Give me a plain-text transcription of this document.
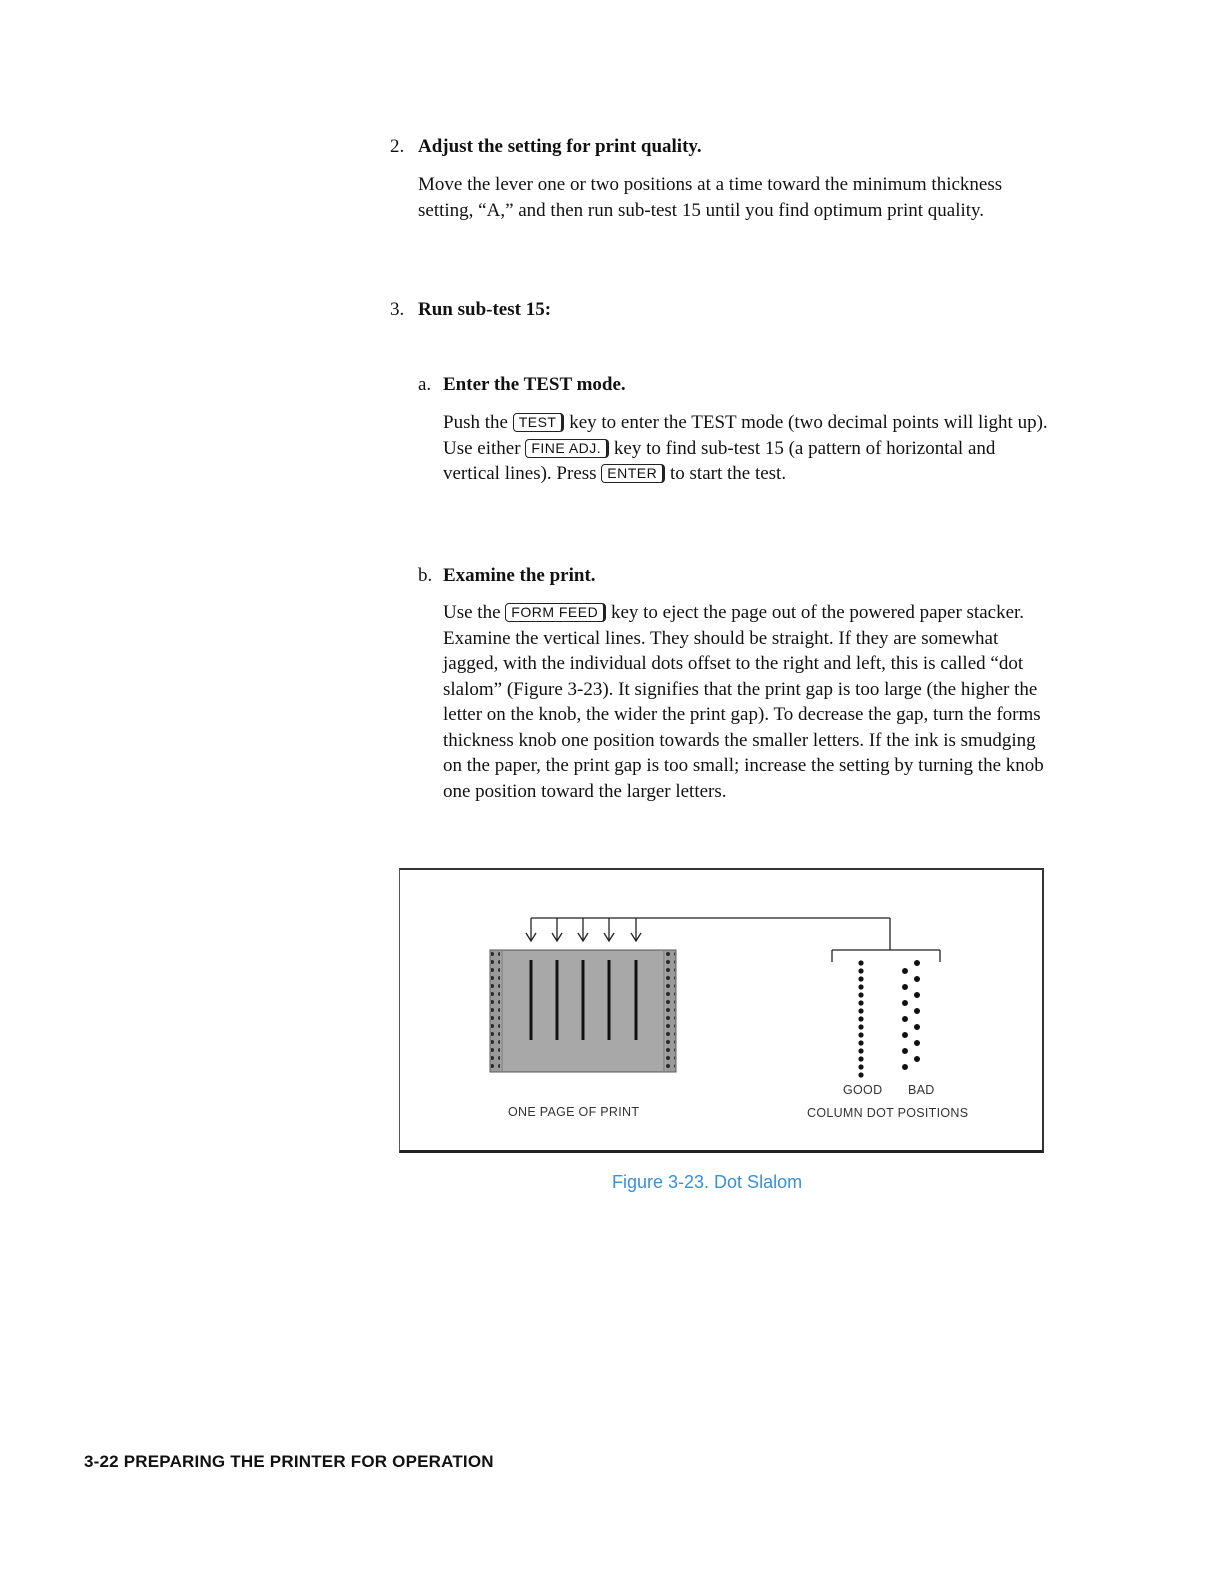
2. Adjust the setting for print quality.

Move the lever one or two positions at a time toward the minimum thickness setting, “A,” and then run sub-test 15 until you find optimum print quality.

3. Run sub-test 15:
a. Enter the TEST mode.

Push the TEST key to enter the TEST mode (two decimal points will light up). Use either FINE ADJ. key to find sub-test 15 (a pattern of horizontal and vertical lines). Press ENTER to start the test.

b. Examine the print.

Use the FORM FEED key to eject the page out of the powered paper stacker. Examine the vertical lines. They should be straight. If they are somewhat jagged, with the individual dots offset to the right and left, this is called “dot slalom” (Figure 3-23). It signifies that the print gap is too large (the higher the letter on the knob, the wider the print gap). To decrease the gap, turn the forms thickness knob one position towards the smaller letters. If the ink is smudging on the paper, the print gap is too small; increase the setting by turning the knob one position toward the larger letters.

ONE PAGE OF PRINT
GOOD BAD
COLUMN DOT POSITIONS
Figure 3-23. Dot Slalom
3-22 PREPARING THE PRINTER FOR OPERATION
